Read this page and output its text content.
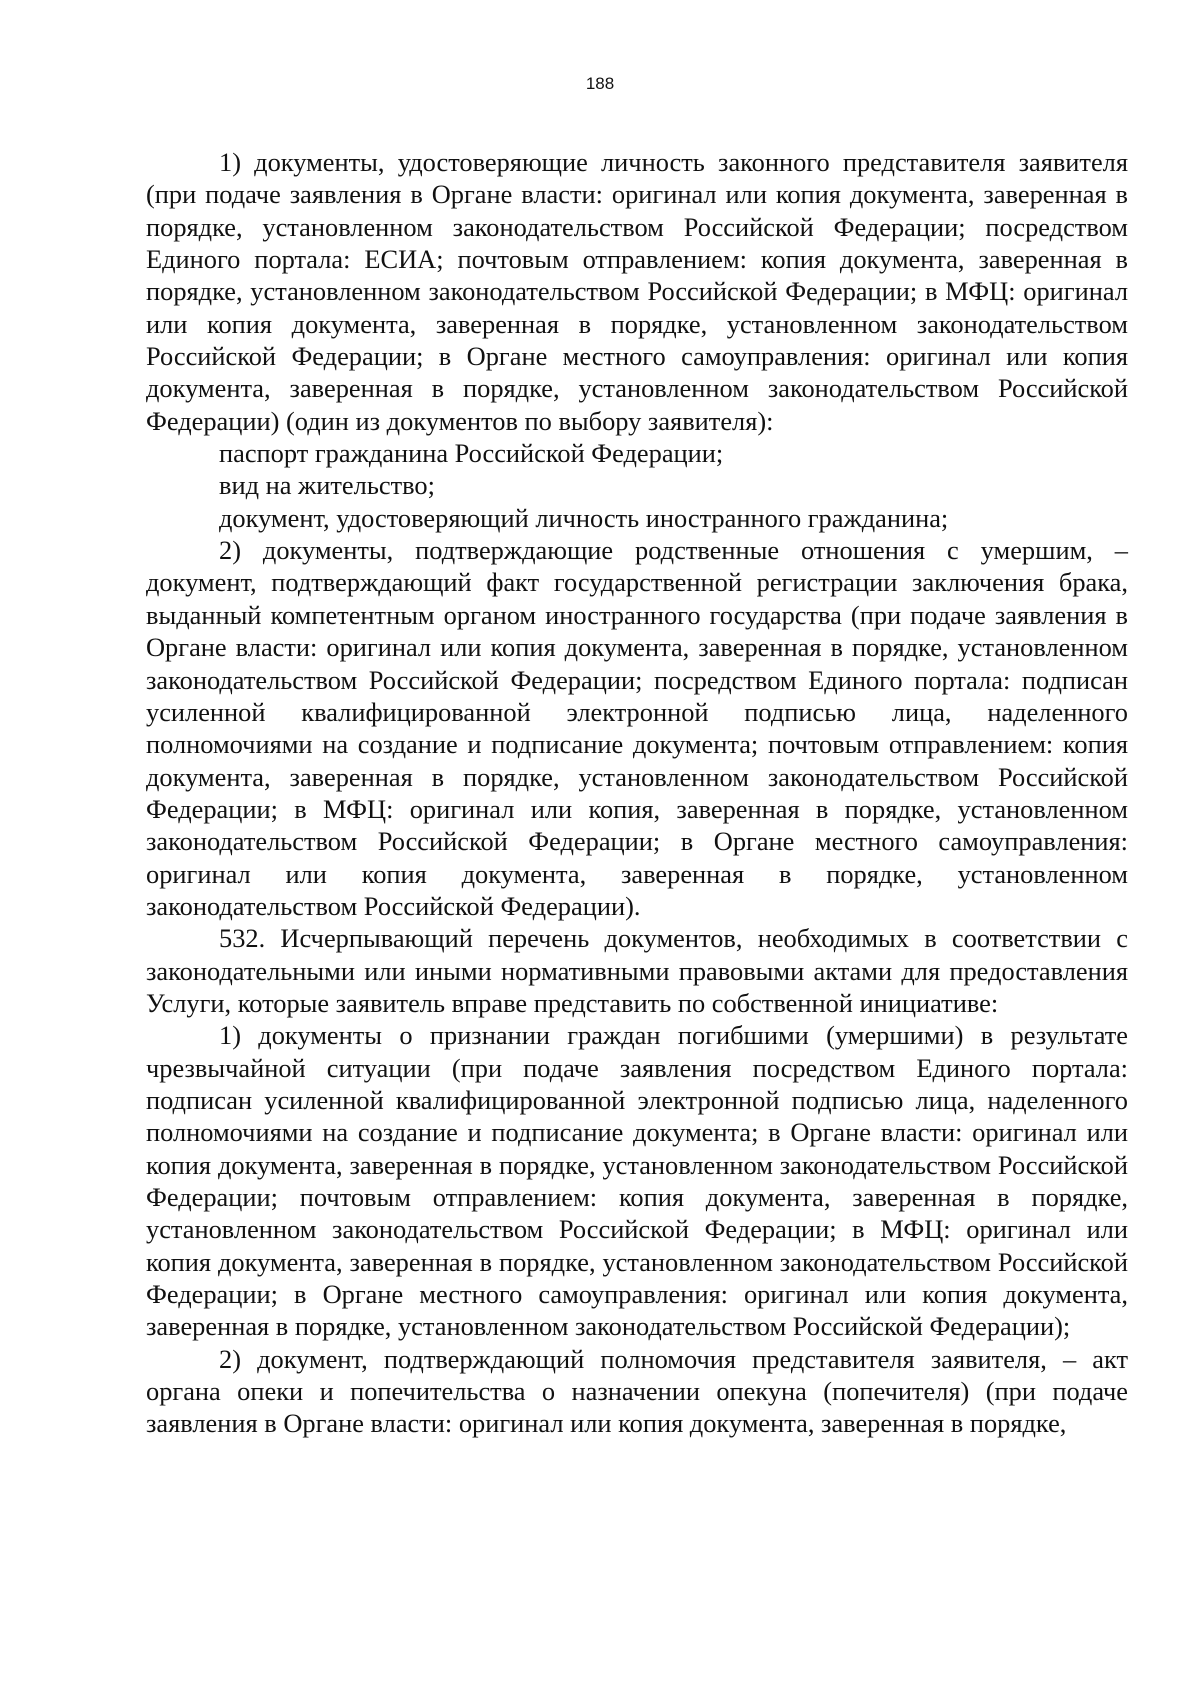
188

1) документы, удостоверяющие личность законного представителя заявителя (при подаче заявления в Органе власти: оригинал или копия документа, заверенная в порядке, установленном законодательством Российской Федерации; посредством Единого портала: ЕСИА; почтовым отправлением: копия документа, заверенная в порядке, установленном законодательством Российской Федерации; в МФЦ: оригинал или копия документа, заверенная в порядке, установленном законодательством Российской Федерации; в Органе местного самоуправления: оригинал или копия документа, заверенная в порядке, установленном законодательством Российской Федерации) (один из документов по выбору заявителя):

паспорт гражданина Российской Федерации;

вид на жительство;

документ, удостоверяющий личность иностранного гражданина;

2) документы, подтверждающие родственные отношения с умершим, – документ, подтверждающий факт государственной регистрации заключения брака, выданный компетентным органом иностранного государства (при подаче заявления в Органе власти: оригинал или копия документа, заверенная в порядке, установленном законодательством Российской Федерации; посредством Единого портала: подписан усиленной квалифицированной электронной подписью лица, наделенного полномочиями на создание и подписание документа; почтовым отправлением: копия документа, заверенная в порядке, установленном законодательством Российской Федерации; в МФЦ: оригинал или копия, заверенная в порядке, установленном законодательством Российской Федерации; в Органе местного самоуправления: оригинал или копия документа, заверенная в порядке, установленном законодательством Российской Федерации).

532. Исчерпывающий перечень документов, необходимых в соответствии с законодательными или иными нормативными правовыми актами для предоставления Услуги, которые заявитель вправе представить по собственной инициативе:

1) документы о признании граждан погибшими (умершими) в результате чрезвычайной ситуации (при подаче заявления посредством Единого портала: подписан усиленной квалифицированной электронной подписью лица, наделенного полномочиями на создание и подписание документа; в Органе власти: оригинал или копия документа, заверенная в порядке, установленном законодательством Российской Федерации; почтовым отправлением: копия документа, заверенная в порядке, установленном законодательством Российской Федерации; в МФЦ: оригинал или копия документа, заверенная в порядке, установленном законодательством Российской Федерации; в Органе местного самоуправления: оригинал или копия документа, заверенная в порядке, установленном законодательством Российской Федерации);

2) документ, подтверждающий полномочия представителя заявителя, – акт органа опеки и попечительства о назначении опекуна (попечителя) (при подаче заявления в Органе власти: оригинал или копия документа, заверенная в порядке,
